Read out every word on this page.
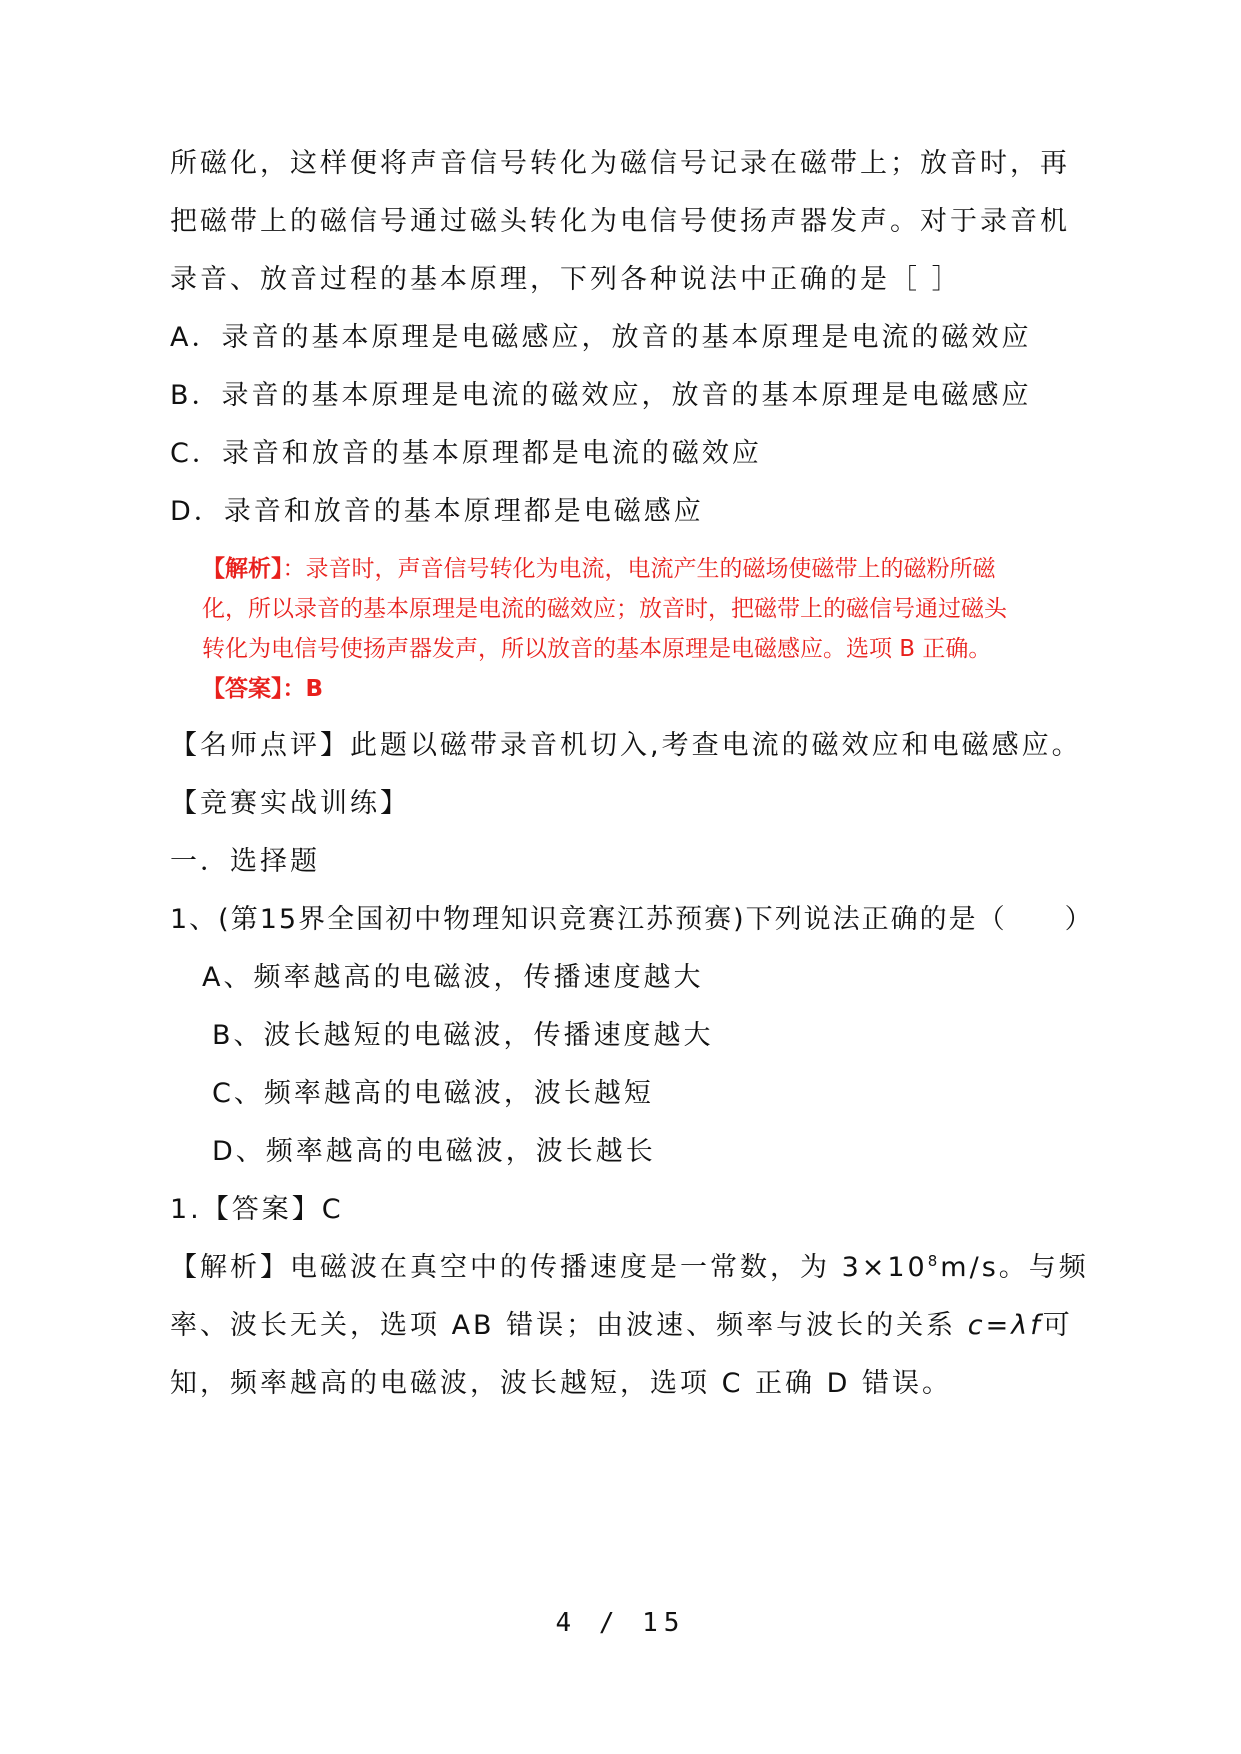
所磁化，这样便将声音信号转化为磁信号记录在磁带上；放音时，再
把磁带上的磁信号通过磁头转化为电信号使扬声器发声。对于录音机
录音、放音过程的基本原理，下列各种说法中正确的是［ ］
A．录音的基本原理是电磁感应，放音的基本原理是电流的磁效应
B．录音的基本原理是电流的磁效应，放音的基本原理是电磁感应
C．录音和放音的基本原理都是电流的磁效应
D．录音和放音的基本原理都是电磁感应
【解析】：录音时，声音信号转化为电流，电流产生的磁场使磁带上的磁粉所磁
化，所以录音的基本原理是电流的磁效应；放音时，把磁带上的磁信号通过磁头
转化为电信号使扬声器发声，所以放音的基本原理是电磁感应。选项 B 正确。
【答案】：B
【名师点评】此题以磁带录音机切入,考查电流的磁效应和电磁感应。
【竞赛实战训练】
一．选择题
1、(第15界全国初中物理知识竞赛江苏预赛)下列说法正确的是（　　）
A、频率越高的电磁波，传播速度越大
B、波长越短的电磁波，传播速度越大
C、频率越高的电磁波，波长越短
D、频率越高的电磁波，波长越长
1.【答案】C
【解析】电磁波在真空中的传播速度是一常数，为 $3\times 10^8m/s$。与频
率、波长无关，选项 AB 错误；由波速、频率与波长的关系 c=λf可
知，频率越高的电磁波，波长越短，选项 C 正确 D 错误。
4 / 15
